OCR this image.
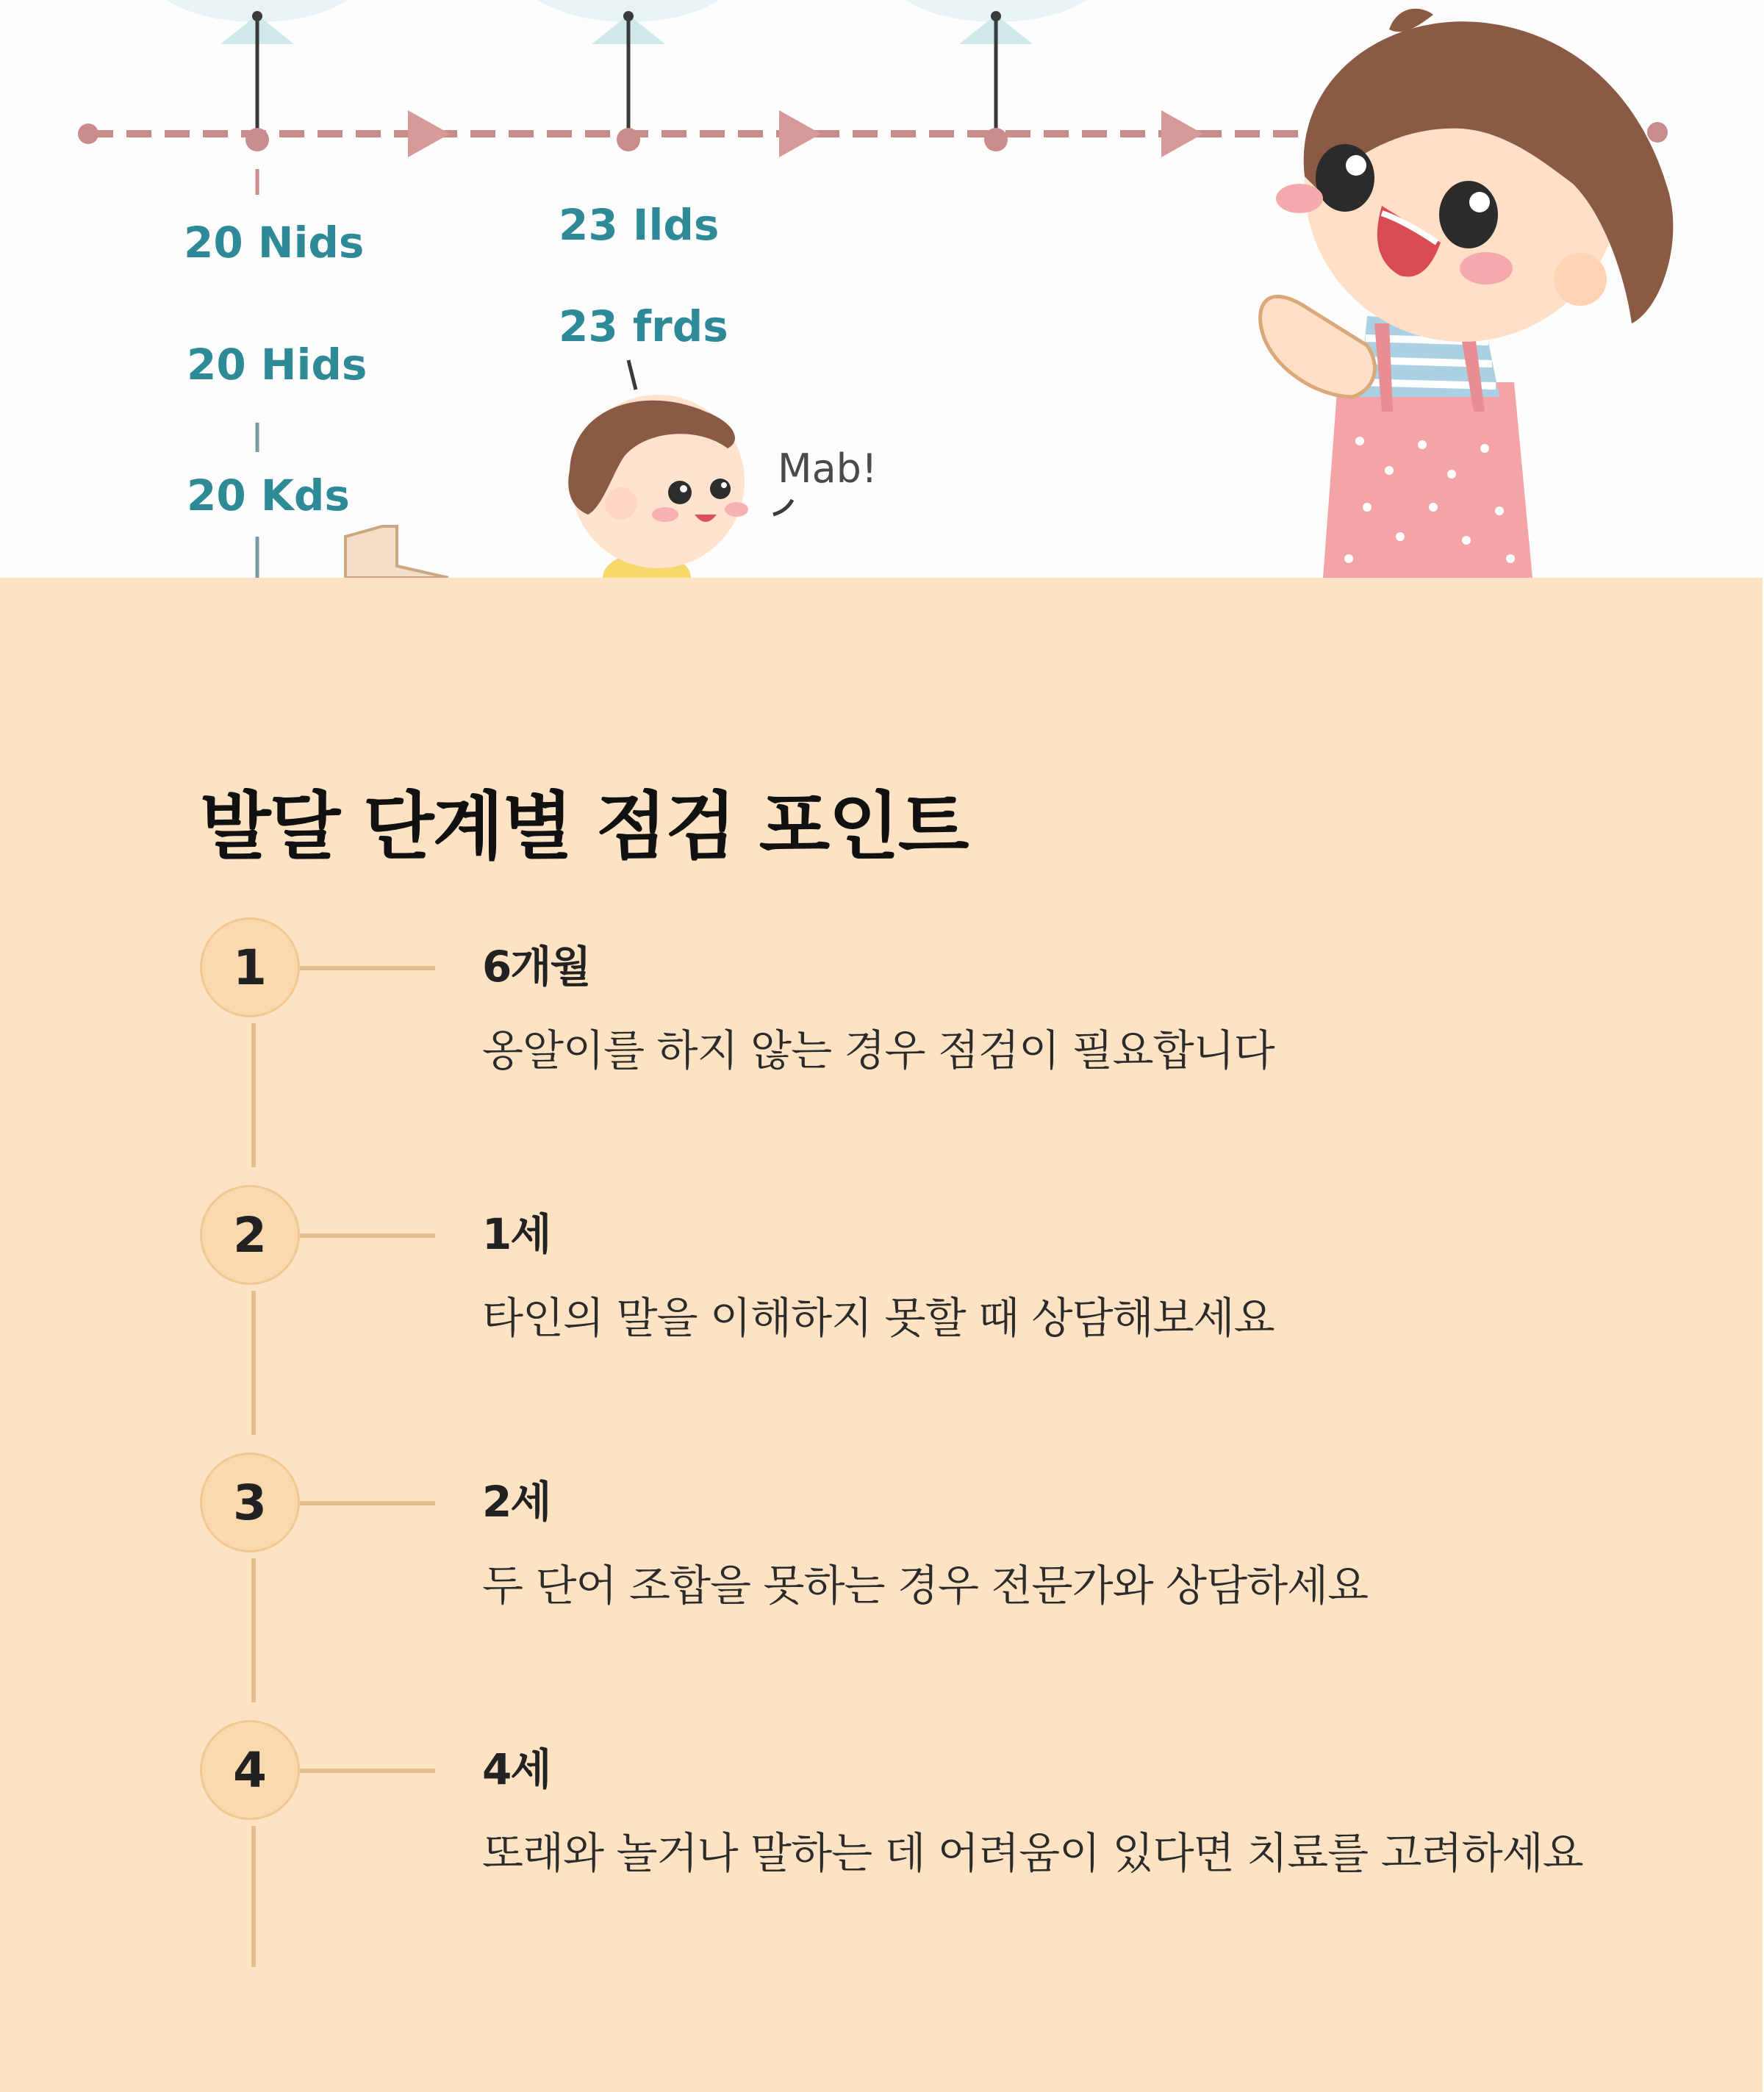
20 Nids
20 Hids
20 Kds
23 Ilds
23 frds
Mab!
발달 단계별 점검 포인트
1	6개월
옹알이를 하지 않는 경우 점검이 필요합니다
2	1세
타인의 말을 이해하지 못할 때 상담해보세요
3	2세
두 단어 조합을 못하는 경우 전문가와 상담하세요
4	4세
또래와 놀거나 말하는 데 어려움이 있다면 치료를 고려하세요
